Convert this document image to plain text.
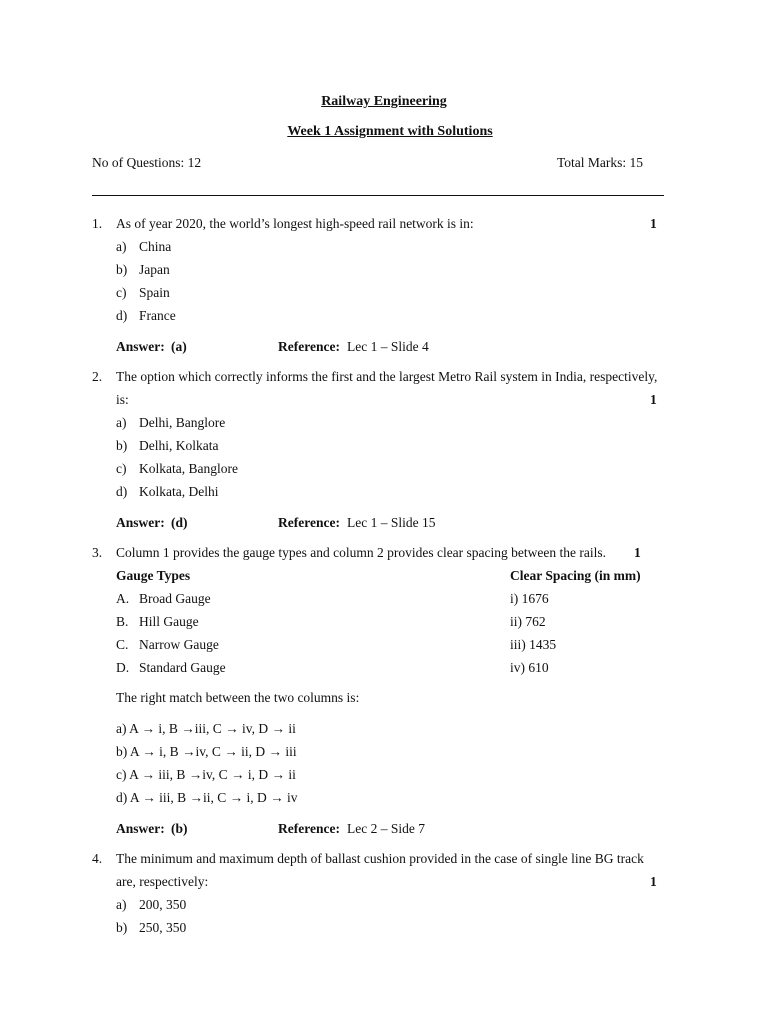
Railway Engineering
Week 1 Assignment with Solutions
No of Questions: 12	Total Marks: 15
1. As of year 2020, the world’s longest high-speed rail network is in:	1
a) China
b) Japan
c) Spain
d) France
Answer: (a)	Reference: Lec 1 – Slide 4
2. The option which correctly informs the first and the largest Metro Rail system in India, respectively,
is:	1
a) Delhi, Banglore
b) Delhi, Kolkata
c) Kolkata, Banglore
d) Kolkata, Delhi
Answer: (d)	Reference: Lec 1 – Slide 15
3. Column 1 provides the gauge types and column 2 provides clear spacing between the rails. 1
Gauge Types	Clear Spacing (in mm)
A. Broad Gauge	i) 1676
B. Hill Gauge	ii) 762
C. Narrow Gauge	iii) 1435
D. Standard Gauge	iv) 610
The right match between the two columns is:
a) A → i, B →iii, C → iv, D → ii
b) A → i, B →iv, C → ii, D → iii
c) A → iii, B →iv, C → i, D → ii
d) A → iii, B →ii, C → i, D → iv
Answer: (b)	Reference: Lec 2 – Side 7
4. The minimum and maximum depth of ballast cushion provided in the case of single line BG track
are, respectively:	1
a) 200, 350
b) 250, 350
